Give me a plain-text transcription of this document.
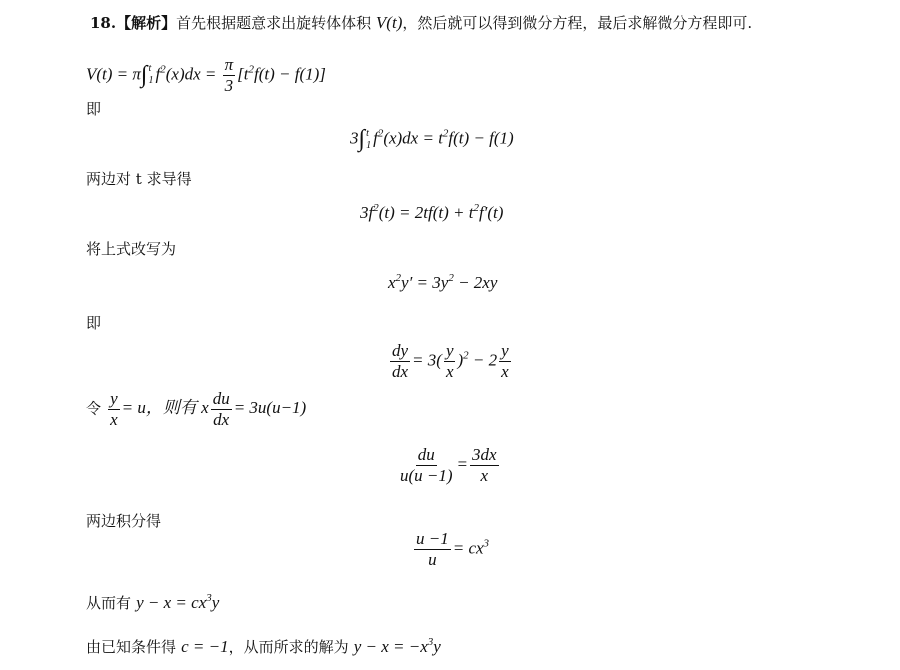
18.【解析】首先根据题意求出旋转体体积 V(t)，然后就可以得到微分方程，最后求解微分方程即可.
V(t) = π∫ t
1 $f^2(x)dx = \frac{\pi}{3} [t^2f(t) - f(1)]$
即
3∫ t
1 $f^2(x)dx = t^2f(t) - f(1)$
两边对 t 求导得
$3f^2(t) = 2tf(t) + t^2f'(t)$
将上式改写为
$x^2y' = 3y^2 - 2xy$
即
$\frac{dy}{dx} = 3( \frac{y}{x} )^2 - 2 \frac{y}{x}$
令 $\frac{y}{x} = u$，则有 x $\frac{du}{dx} = 3u(u-1)$
$\frac{du}{u(u -1)} = \frac{3dx}{x}$
两边积分得
$\frac{u -1}{u} = cx^3$
从而有 $y - x = cx^3y$
由已知条件得 c = −1，从而所求的解为 $y - x = -x^3y$
